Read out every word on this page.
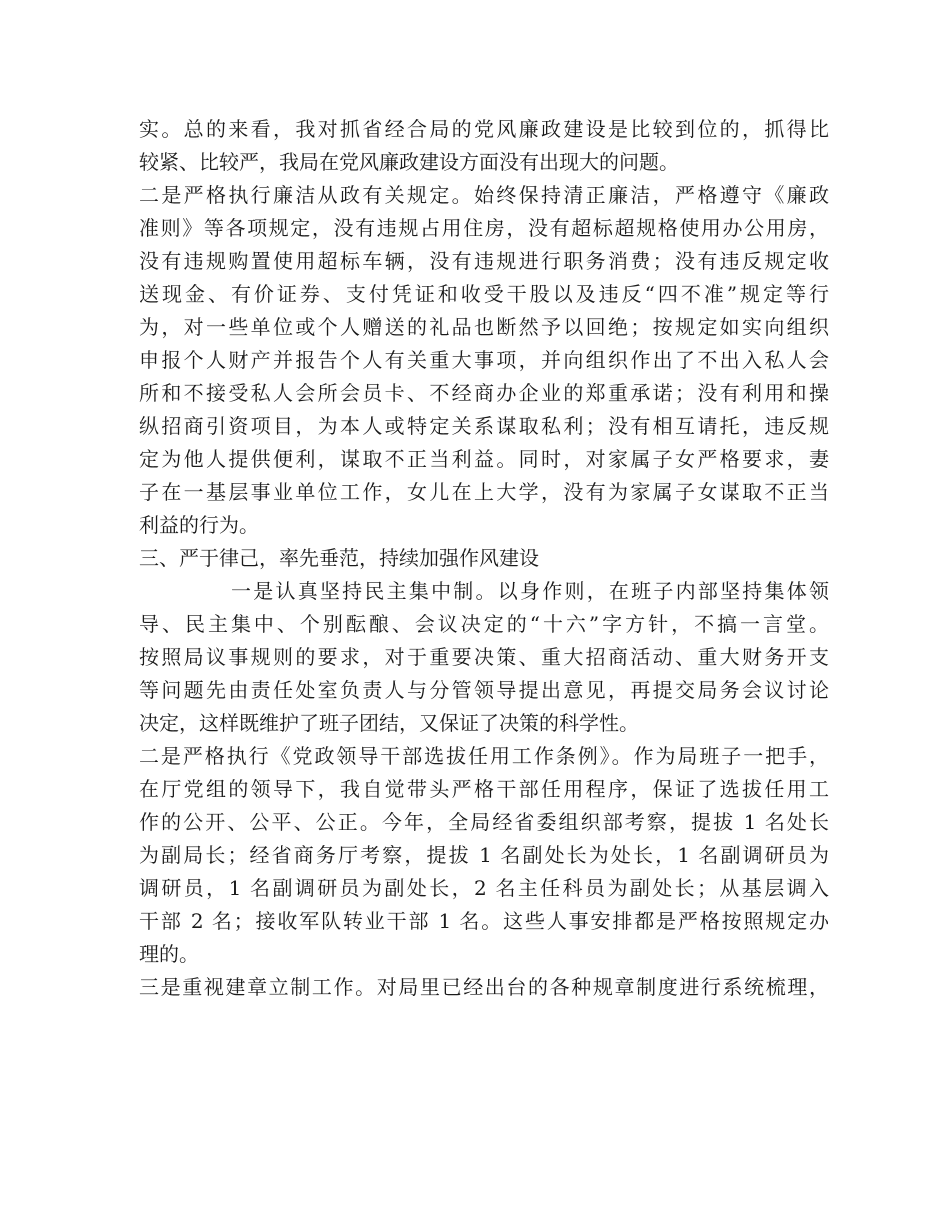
实。总的来看，我对抓省经合局的党风廉政建设是比较到位的，抓得比
较紧、比较严，我局在党风廉政建设方面没有出现大的问题。
二是严格执行廉洁从政有关规定。始终保持清正廉洁，严格遵守《廉政
准则》等各项规定，没有违规占用住房，没有超标超规格使用办公用房，
没有违规购置使用超标车辆，没有违规进行职务消费；没有违反规定收
送现金、有价证券、支付凭证和收受干股以及违反“四不准”规定等行
为，对一些单位或个人赠送的礼品也断然予以回绝；按规定如实向组织
申报个人财产并报告个人有关重大事项，并向组织作出了不出入私人会
所和不接受私人会所会员卡、不经商办企业的郑重承诺；没有利用和操
纵招商引资项目，为本人或特定关系谋取私利；没有相互请托，违反规
定为他人提供便利，谋取不正当利益。同时，对家属子女严格要求，妻
子在一基层事业单位工作，女儿在上大学，没有为家属子女谋取不正当
利益的行为。
三、严于律己，率先垂范，持续加强作风建设
一是认真坚持民主集中制。以身作则，在班子内部坚持集体领
导、民主集中、个别酝酿、会议决定的“十六”字方针，不搞一言堂。
按照局议事规则的要求，对于重要决策、重大招商活动、重大财务开支
等问题先由责任处室负责人与分管领导提出意见，再提交局务会议讨论
决定，这样既维护了班子团结，又保证了决策的科学性。
二是严格执行《党政领导干部选拔任用工作条例》。作为局班子一把手，
在厅党组的领导下，我自觉带头严格干部任用程序，保证了选拔任用工
作的公开、公平、公正。今年，全局经省委组织部考察，提拔 1 名处长
为副局长；经省商务厅考察，提拔 1 名副处长为处长，1 名副调研员为
调研员，1 名副调研员为副处长，2 名主任科员为副处长；从基层调入
干部 2 名；接收军队转业干部 1 名。这些人事安排都是严格按照规定办
理的。
三是重视建章立制工作。对局里已经出台的各种规章制度进行系统梳理，
